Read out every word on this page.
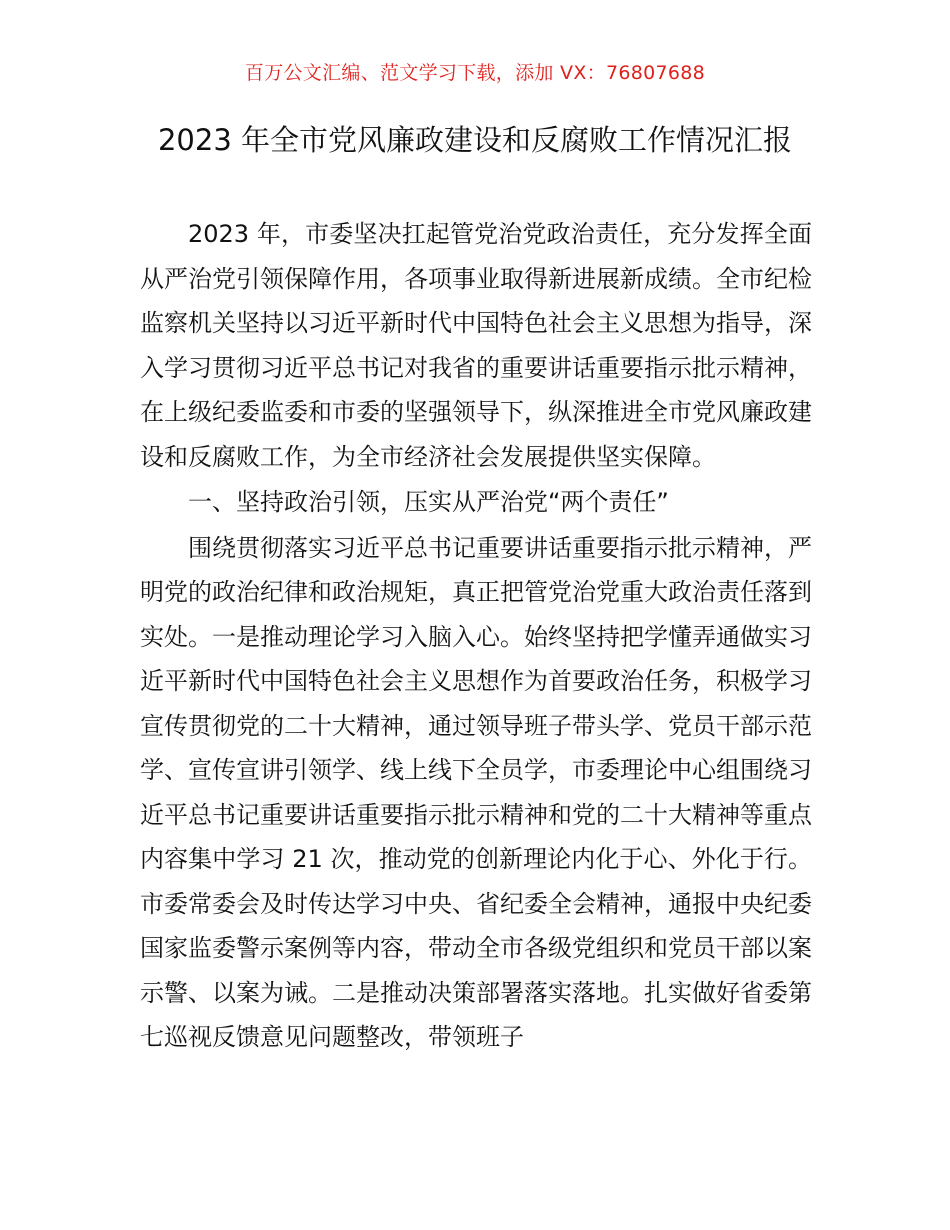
百万公文汇编、范文学习下载，添加 VX：76807688
2023 年全市党风廉政建设和反腐败工作情况汇报

2023 年，市委坚决扛起管党治党政治责任，充分发挥全面从严治党引领保障作用，各项事业取得新进展新成绩。全市纪检监察机关坚持以习近平新时代中国特色社会主义思想为指导，深入学习贯彻习近平总书记对我省的重要讲话重要指示批示精神，在上级纪委监委和市委的坚强领导下，纵深推进全市党风廉政建设和反腐败工作，为全市经济社会发展提供坚实保障。

一、坚持政治引领，压实从严治党“两个责任”

围绕贯彻落实习近平总书记重要讲话重要指示批示精神，严明党的政治纪律和政治规矩，真正把管党治党重大政治责任落到实处。一是推动理论学习入脑入心。始终坚持把学懂弄通做实习近平新时代中国特色社会主义思想作为首要政治任务，积极学习宣传贯彻党的二十大精神，通过领导班子带头学、党员干部示范学、宣传宣讲引领学、线上线下全员学，市委理论中心组围绕习近平总书记重要讲话重要指示批示精神和党的二十大精神等重点内容集中学习 21 次，推动党的创新理论内化于心、外化于行。市委常委会及时传达学习中央、省纪委全会精神，通报中央纪委国家监委警示案例等内容，带动全市各级党组织和党员干部以案示警、以案为诫。二是推动决策部署落实落地。扎实做好省委第七巡视反馈意见问题整改，带领班子
